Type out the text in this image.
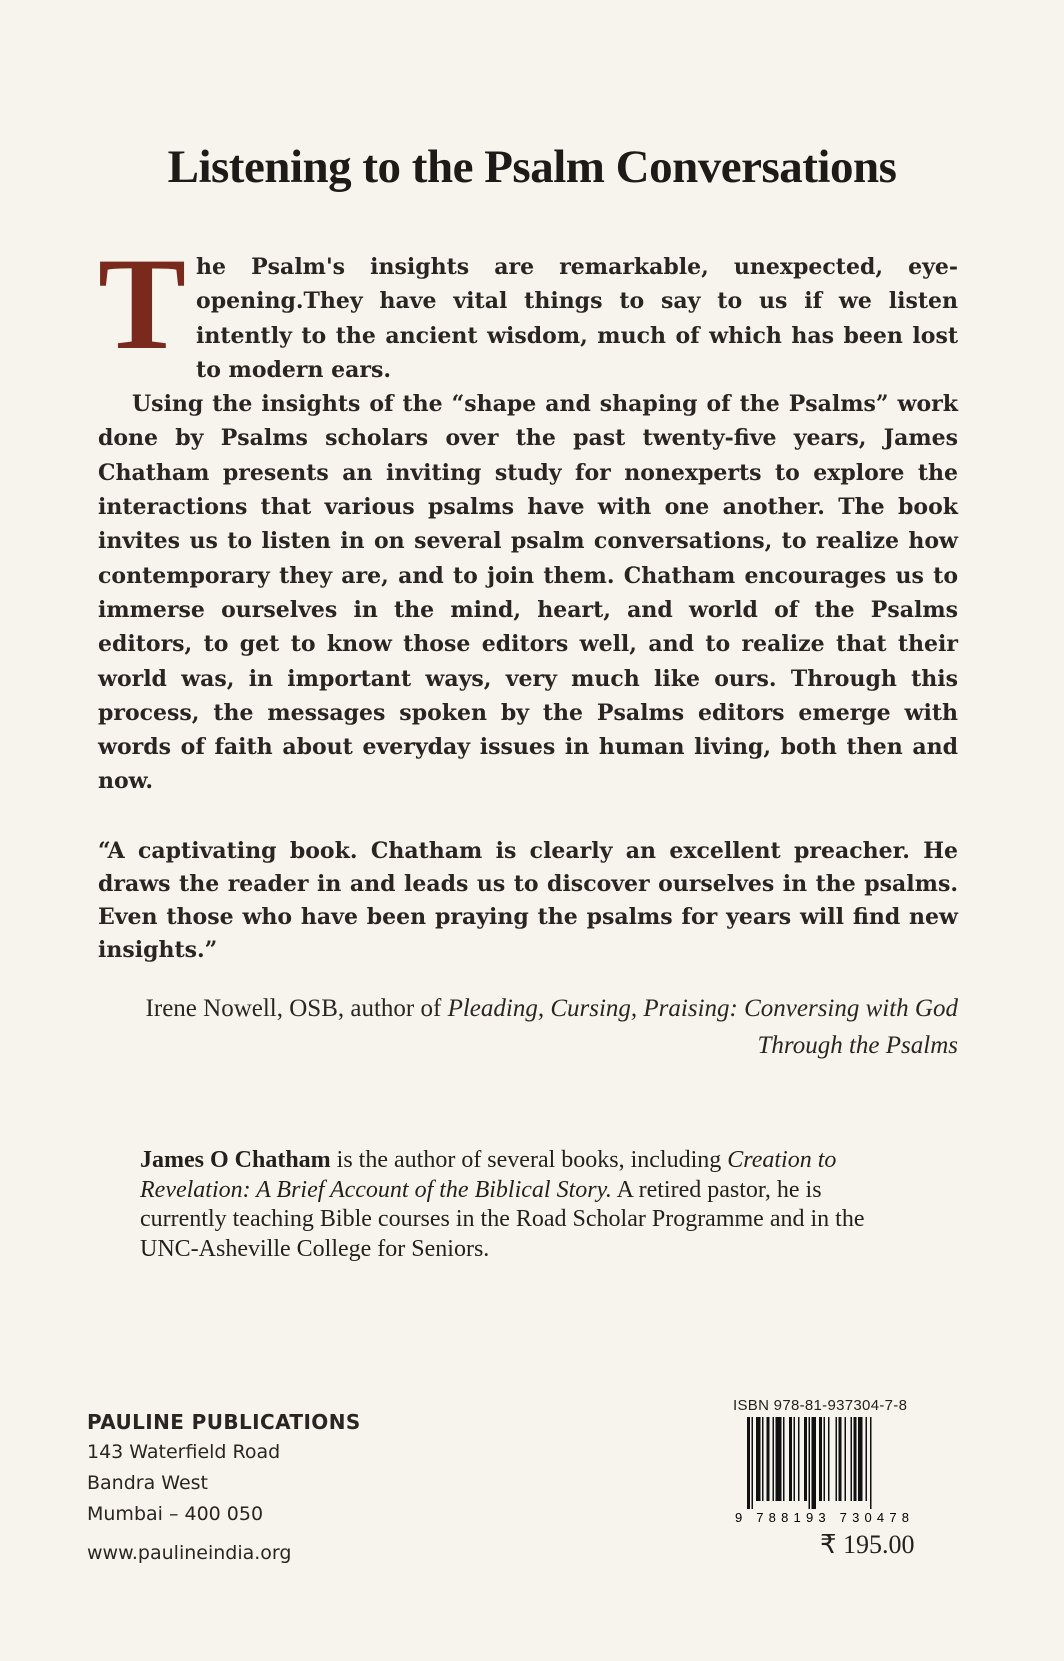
Listening to the Psalm Conversations
T he Psalm's insights are remarkable, unexpected, eye-opening.They have vital things to say to us if we listen intently to the ancient wisdom, much of which has been lost to modern ears.

Using the insights of the “shape and shaping of the Psalms” work done by Psalms scholars over the past twenty-five years, James Chatham presents an inviting study for nonexperts to explore the interactions that various psalms have with one another. The book invites us to listen in on several psalm conversations, to realize how contemporary they are, and to join them. Chatham encourages us to immerse ourselves in the mind, heart, and world of the Psalms editors, to get to know those editors well, and to realize that their world was, in important ways, very much like ours. Through this process, the messages spoken by the Psalms editors emerge with words of faith about everyday issues in human living, both then and now.

“A captivating book. Chatham is clearly an excellent preacher. He draws the reader in and leads us to discover ourselves in the psalms. Even those who have been praying the psalms for years will find new insights.”

Irene Nowell, OSB, author of Pleading, Cursing, Praising: Conversing with God Through the Psalms

James O Chatham is the author of several books, including Creation to Revelation: A Brief Account of the Biblical Story. A retired pastor, he is currently teaching Bible courses in the Road Scholar Programme and in the UNC-Asheville College for Seniors.

PAULINE PUBLICATIONS
143 Waterfield Road
Bandra West
Mumbai – 400 050
www.paulineindia.org
ISBN 978-81-937304-7-8
9 788193 730478
₹ 195.00
